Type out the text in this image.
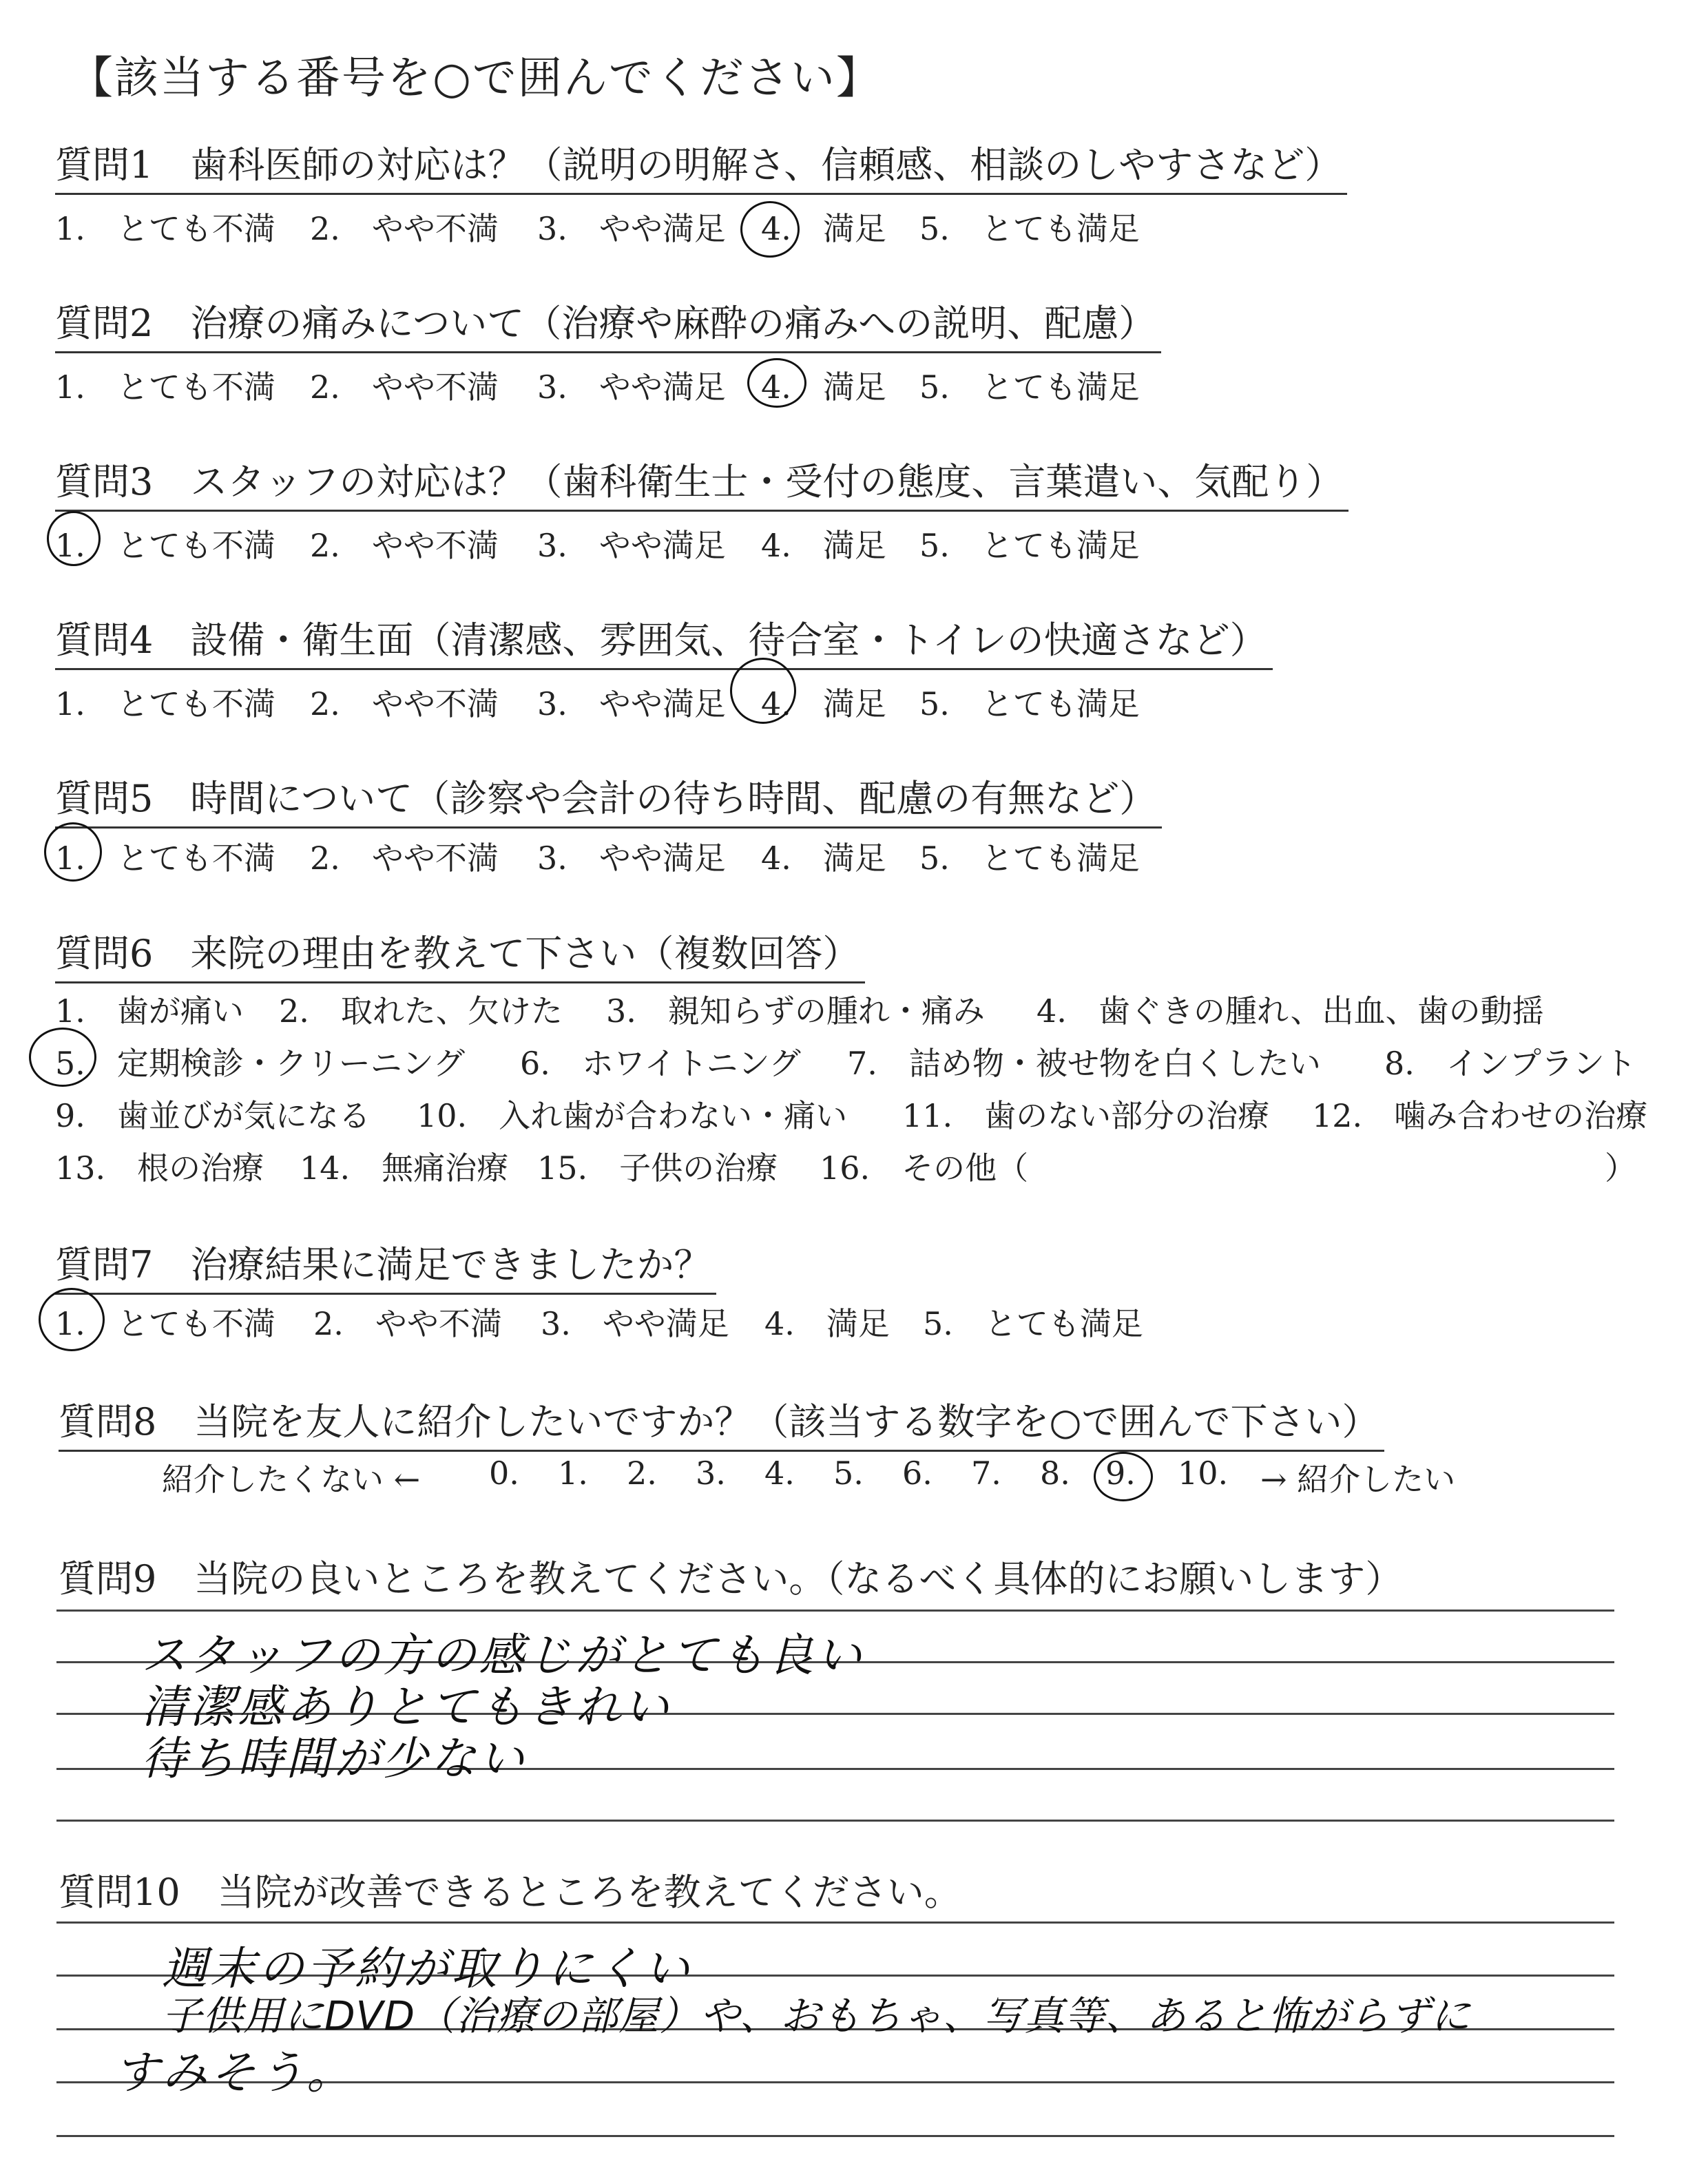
【該当する番号を○で囲んでください】
質問1　歯科医師の対応は？（説明の明解さ、信頼感、相談のしやすさなど）
1.　とても不満 2.　やや不満 3.　やや満足 4.　満足 5.　とても満足
質問2　治療の痛みについて（治療や麻酔の痛みへの説明、配慮）
1.　とても不満 2.　やや不満 3.　やや満足 4.　満足 5.　とても満足
質問3　スタッフの対応は？（歯科衛生士・受付の態度、言葉遣い、気配り）
1.　とても不満 2.　やや不満 3.　やや満足 4.　満足 5.　とても満足
質問4　設備・衛生面（清潔感、雰囲気、待合室・トイレの快適さなど）
1.　とても不満 2.　やや不満 3.　やや満足 4.　満足 5.　とても満足
質問5　時間について（診察や会計の待ち時間、配慮の有無など）
1.　とても不満 2.　やや不満 3.　やや満足 4.　満足 5.　とても満足
質問6　来院の理由を教えて下さい（複数回答）
1.　歯が痛い 2.　取れた、欠けた 3.　親知らずの腫れ・痛み 4.　歯ぐきの腫れ、出血、歯の動揺
5.　定期検診・クリーニング 6.　ホワイトニング 7.　詰め物・被せ物を白くしたい 8.　インプラント
9.　歯並びが気になる 10.　入れ歯が合わない・痛い 11.　歯のない部分の治療 12.　噛み合わせの治療
13.　根の治療 14.　無痛治療 15.　子供の治療 16.　その他（	）
質問7　治療結果に満足できましたか？
1.　とても不満 2.　やや不満 3.　やや満足 4.　満足 5.　とても満足
質問8　当院を友人に紹介したいですか？（該当する数字を○で囲んで下さい）
紹介したくない ← 0. 1. 2. 3. 4. 5. 6. 7. 8. 9. 10. → 紹介したい
質問9　当院の良いところを教えてください。（なるべく具体的にお願いします）
スタッフの方の感じがとても良い
清潔感ありとてもきれい
待ち時間が少ない
質問10　当院が改善できるところを教えてください。
週末の予約が取りにくい
子供用にDVD（治療の部屋）や、おもちゃ、写真等、あると怖がらずに
すみそう。
